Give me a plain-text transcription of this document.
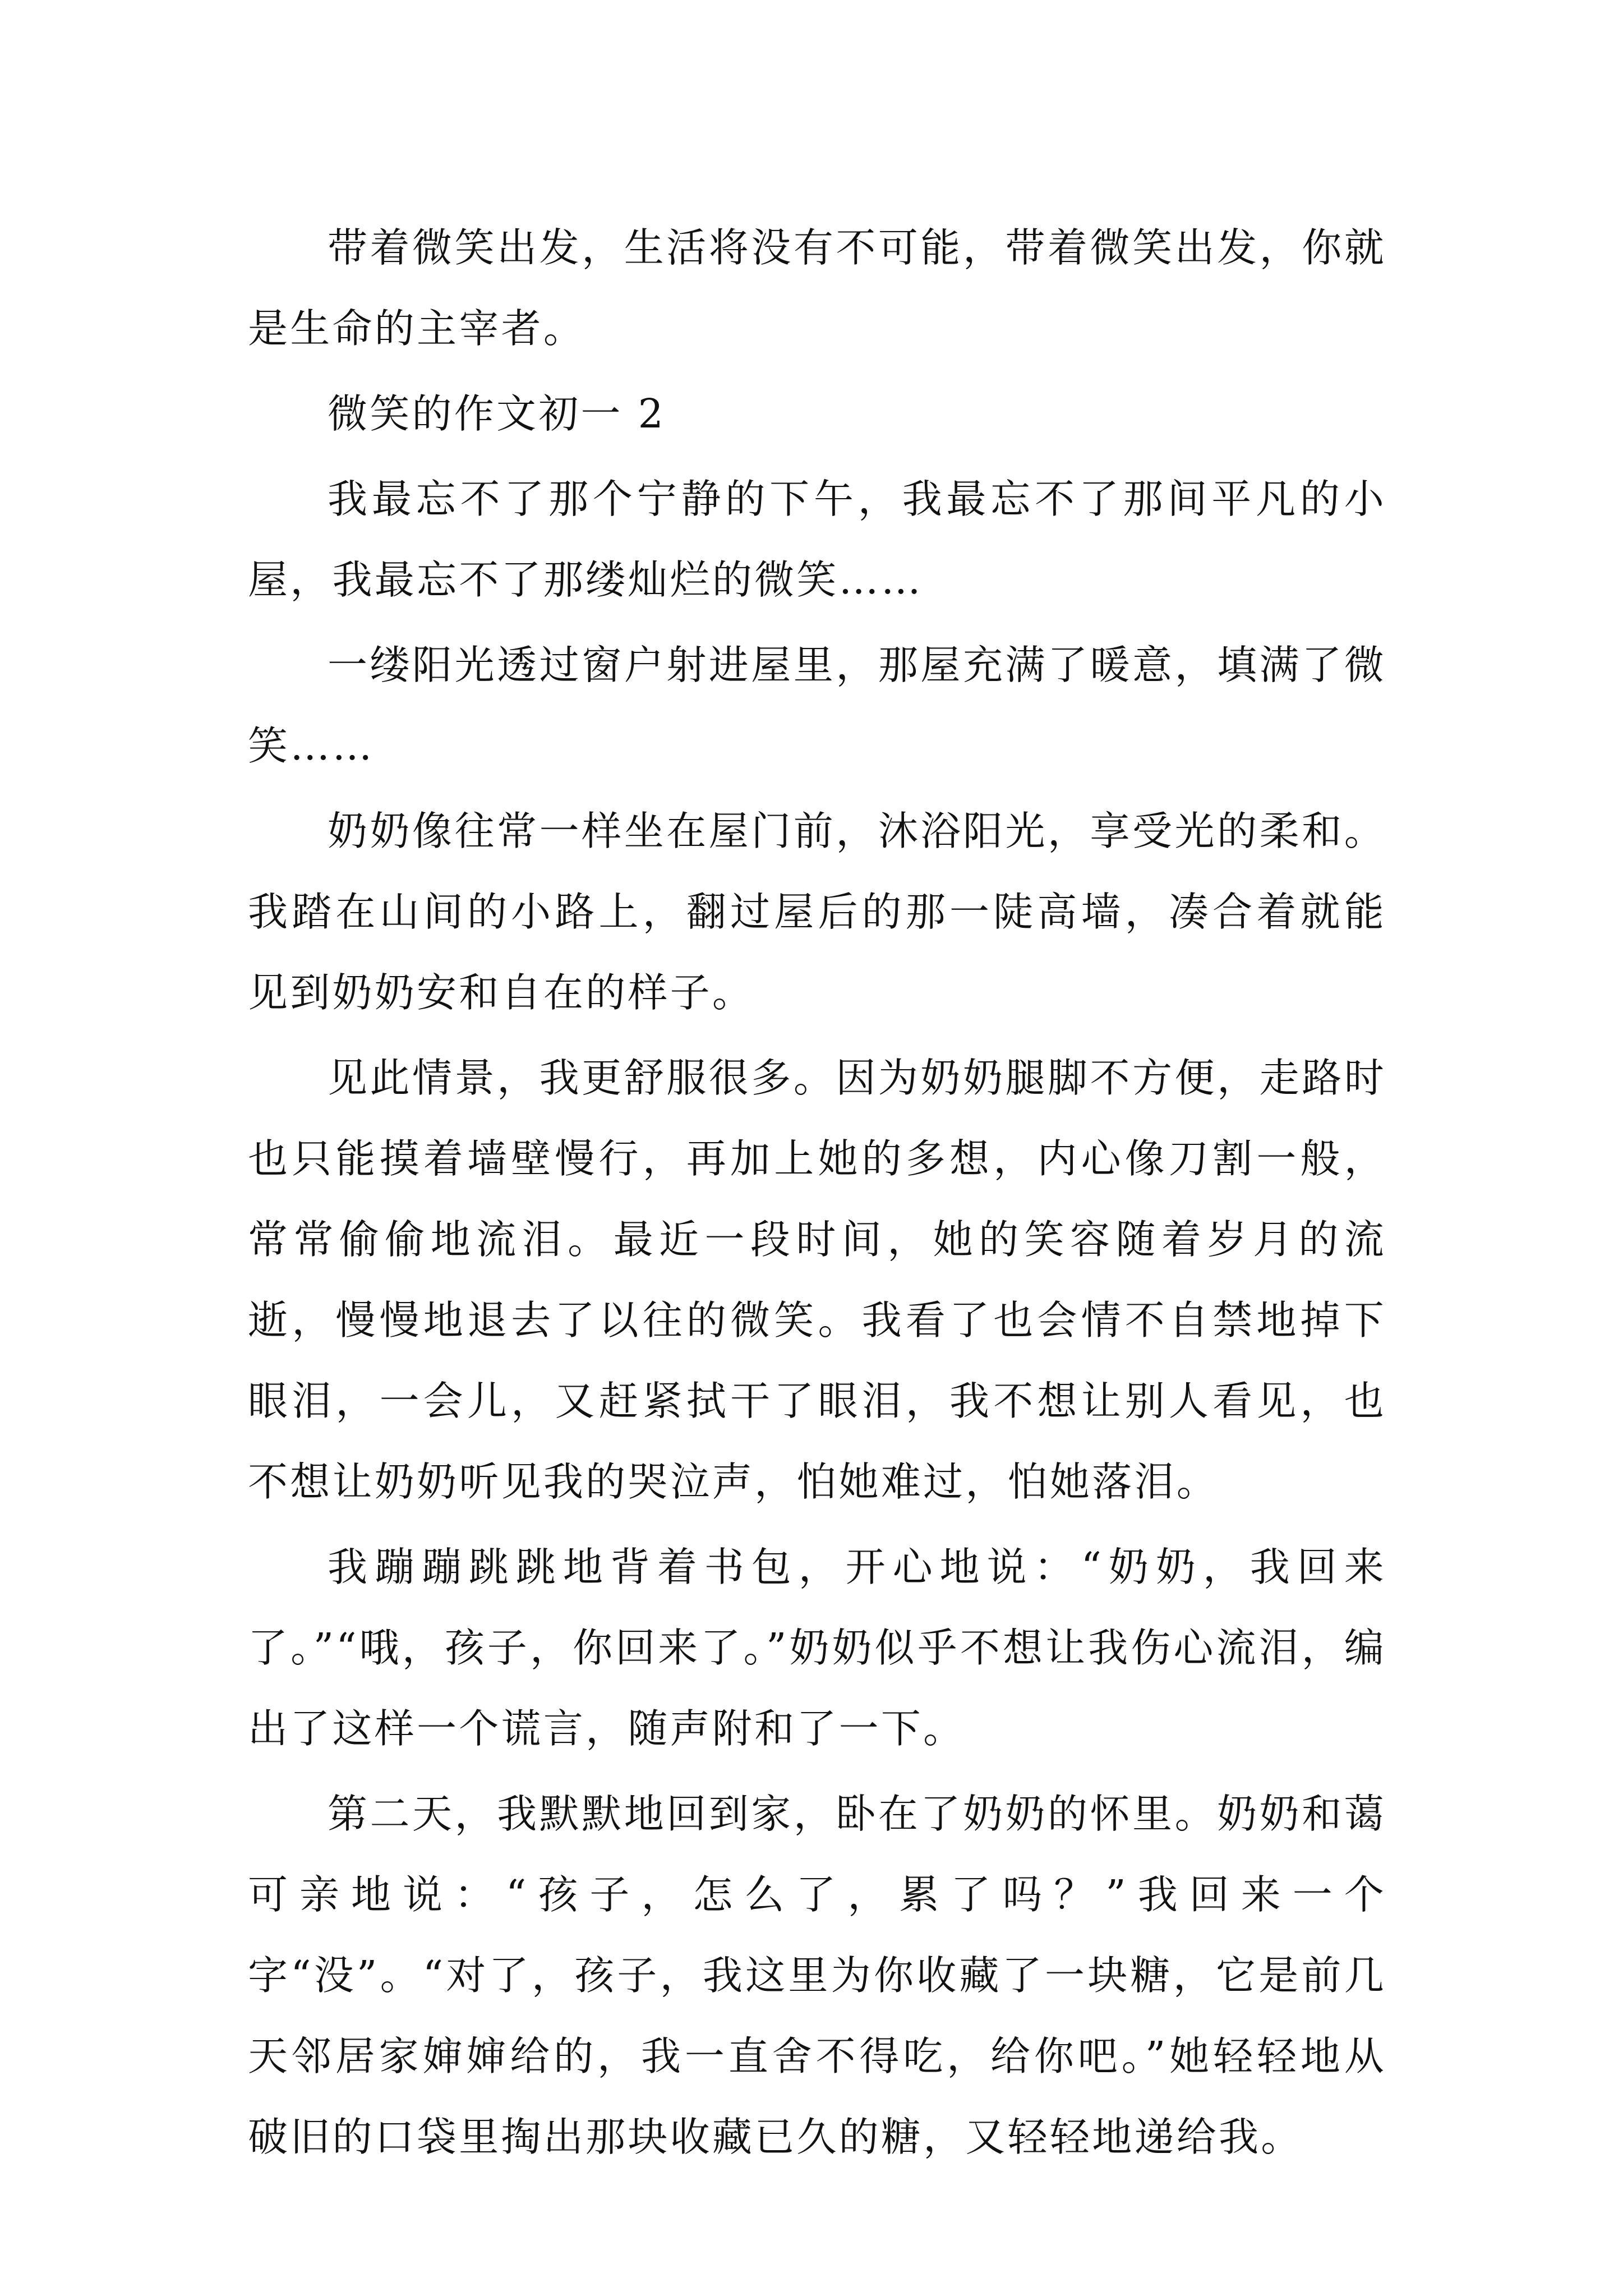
带着微笑出发，生活将没有不可能，带着微笑出发，你就是生命的主宰者。

微笑的作文初一 2

我最忘不了那个宁静的下午，我最忘不了那间平凡的小屋，我最忘不了那缕灿烂的微笑……

一缕阳光透过窗户射进屋里，那屋充满了暖意，填满了微笑……

奶奶像往常一样坐在屋门前，沐浴阳光，享受光的柔和。我踏在山间的小路上，翻过屋后的那一陡高墙，凑合着就能见到奶奶安和自在的样子。

见此情景，我更舒服很多。因为奶奶腿脚不方便，走路时也只能摸着墙壁慢行，再加上她的多想，内心像刀割一般，常常偷偷地流泪。最近一段时间，她的笑容随着岁月的流逝，慢慢地退去了以往的微笑。我看了也会情不自禁地掉下眼泪，一会儿，又赶紧拭干了眼泪，我不想让别人看见，也不想让奶奶听见我的哭泣声，怕她难过，怕她落泪。

我蹦蹦跳跳地背着书包，开心地说：“奶奶，我回来了。”“哦，孩子，你回来了。”奶奶似乎不想让我伤心流泪，编出了这样一个谎言，随声附和了一下。

第二天，我默默地回到家，卧在了奶奶的怀里。奶奶和蔼可亲地说：“孩子，怎么了，累了吗？”我回来一个字“没”。“对了，孩子，我这里为你收藏了一块糖，它是前几天邻居家婶婶给的，我一直舍不得吃，给你吧。”她轻轻地从破旧的口袋里掏出那块收藏已久的糖，又轻轻地递给我。
